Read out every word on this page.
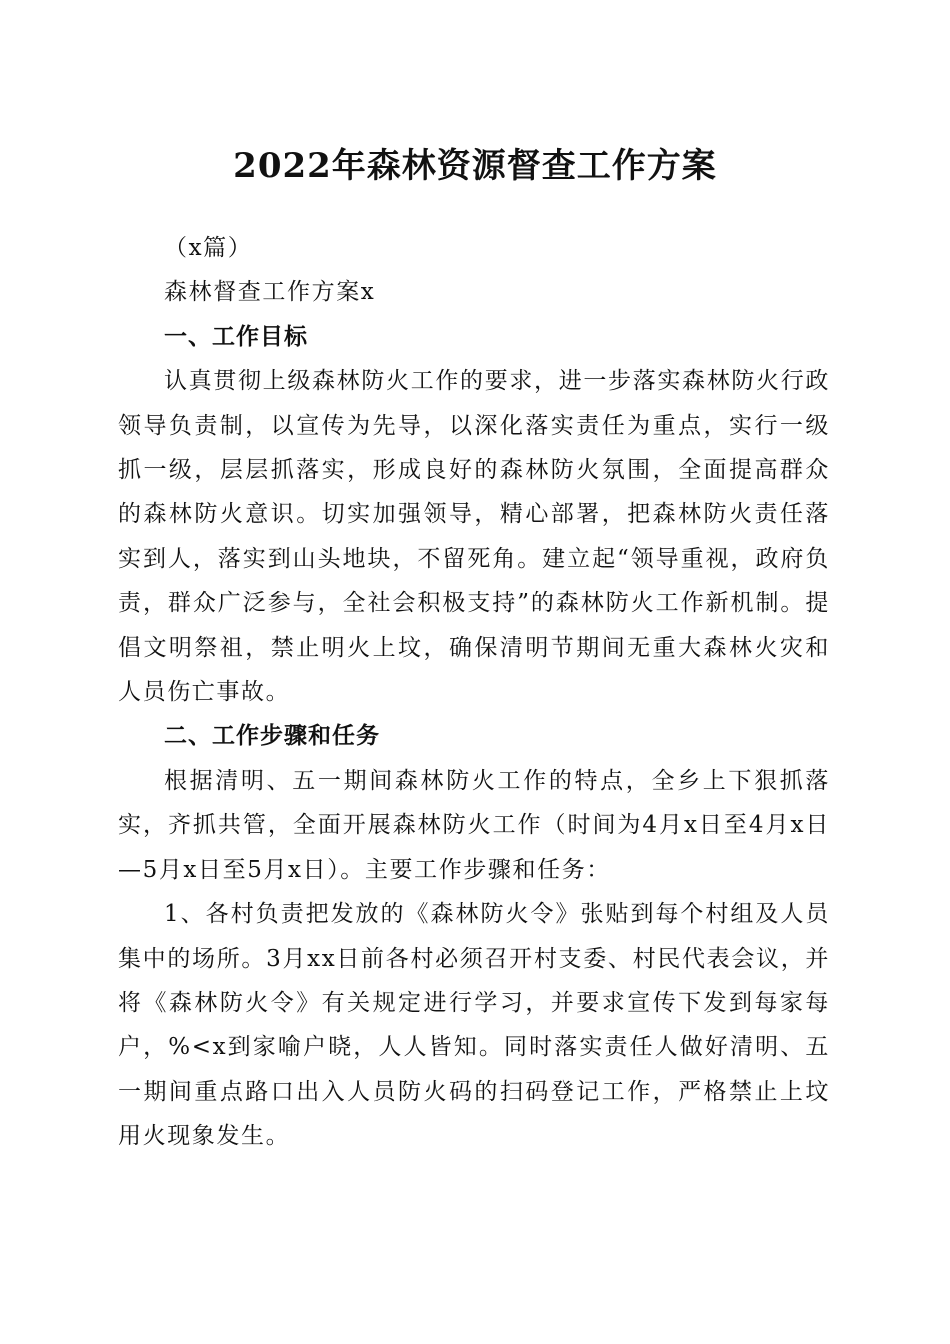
2022年森林资源督查工作方案

（x篇）

森林督查工作方案x

一、工作目标

认真贯彻上级森林防火工作的要求，进一步落实森林防火行政领导负责制，以宣传为先导，以深化落实责任为重点，实行一级抓一级，层层抓落实，形成良好的森林防火氛围，全面提高群众的森林防火意识。切实加强领导，精心部署，把森林防火责任落实到人，落实到山头地块，不留死角。建立起“领导重视，政府负责，群众广泛参与，全社会积极支持”的森林防火工作新机制。提倡文明祭祖，禁止明火上坟，确保清明节期间无重大森林火灾和人员伤亡事故。

二、工作步骤和任务

根据清明、五一期间森林防火工作的特点，全乡上下狠抓落实，齐抓共管，全面开展森林防火工作（时间为4月x日至4月x日—5月x日至5月x日）。主要工作步骤和任务：

1、各村负责把发放的《森林防火令》张贴到每个村组及人员集中的场所。3月xx日前各村必须召开村支委、村民代表会议，并将《森林防火令》有关规定进行学习，并要求宣传下发到每家每户，%<x到家喻户晓，人人皆知。同时落实责任人做好清明、五一期间重点路口出入人员防火码的扫码登记工作，严格禁止上坟用火现象发生。
